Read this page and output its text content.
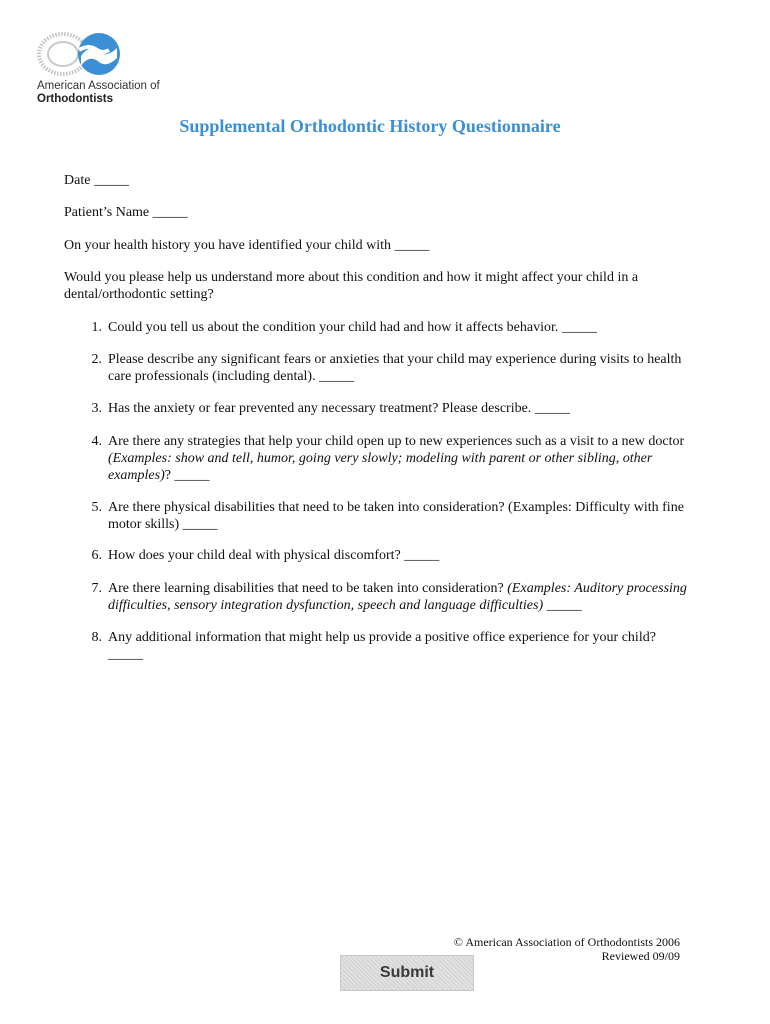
American Association of
Orthodontists
Supplemental Orthodontic History Questionnaire
Date _____
Patient’s Name _____
On your health history you have identified your child with _____
Would you please help us understand more about this condition and how it might affect your child in a dental/orthodontic setting?
1. Could you tell us about the condition your child had and how it affects behavior. _____
2. Please describe any significant fears or anxieties that your child may experience during visits to health care professionals (including dental). _____
3. Has the anxiety or fear prevented any necessary treatment? Please describe. _____
4. Are there any strategies that help your child open up to new experiences such as a visit to a new doctor (Examples: show and tell, humor, going very slowly; modeling with parent or other sibling, other examples)? _____
5. Are there physical disabilities that need to be taken into consideration? (Examples: Difficulty with fine motor skills) _____
6. How does your child deal with physical discomfort? _____
7. Are there learning disabilities that need to be taken into consideration? (Examples: Auditory processing difficulties, sensory integration dysfunction, speech and language difficulties) _____
8. Any additional information that might help us provide a positive office experience for your child?
_____
© American Association of Orthodontists 2006
Reviewed 09/09
Submit
